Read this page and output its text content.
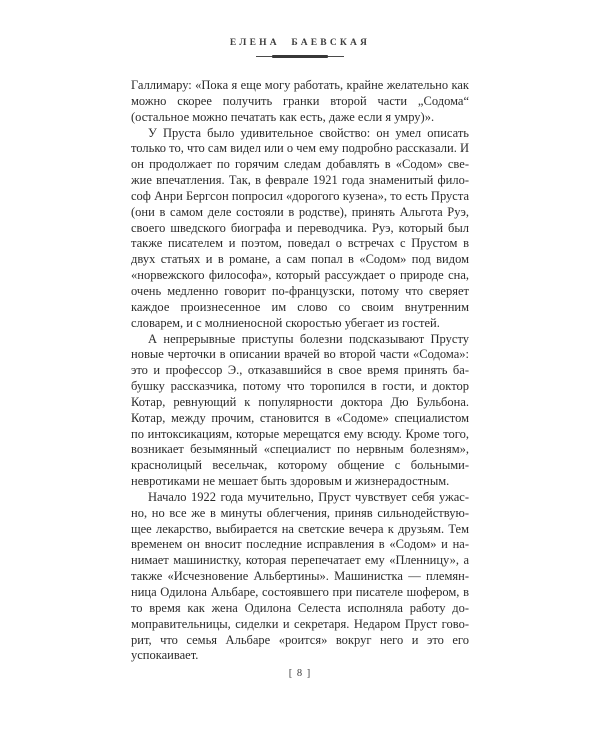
ЕЛЕНА БАЕВСКАЯ

Галлимару: «Пока я еще могу работать, крайне желательно как можно скорее получить гранки второй части „Содома“ (остальное можно печатать как есть, даже если я умру)».

У Пруста было удивительное свойство: он умел описать только то, что сам видел или о чем ему подробно рассказали. И он продолжает по горячим следам добавлять в «Содом» свежие впечатления. Так, в феврале 1921 года знаменитый философ Анри Бергсон попросил «дорогого кузена», то есть Пруста (они в самом деле состояли в родстве), принять Альгота Руэ, своего шведского биографа и переводчика. Руэ, который был также писателем и поэтом, поведал о встречах с Прустом в двух статьях и в романе, а сам попал в «Содом» под видом «норвежского философа», который рассуждает о природе сна, очень медленно говорит по-французски, потому что сверяет каждое произнесенное им слово со своим внутренним словарем, и с молниеносной скоростью убегает из гостей.

А непрерывные приступы болезни подсказывают Прусту новые черточки в описании врачей во второй части «Содома»: это и профессор Э., отказавшийся в свое время принять бабушку рассказчика, потому что торопился в гости, и доктор Котар, ревнующий к популярности доктора Дю Бульбона. Котар, между прочим, становится в «Содоме» специалистом по интоксикациям, которые мерещатся ему всюду. Кроме того, возникает безымянный «специалист по нервным болезням», краснолицый весельчак, которому общение с больными-невротиками не мешает быть здоровым и жизнерадостным.

Начало 1922 года мучительно, Пруст чувствует себя ужасно, но все же в минуты облегчения, приняв сильнодействующее лекарство, выбирается на светские вечера к друзьям. Тем временем он вносит последние исправления в «Содом» и нанимает машинистку, которая перепечатает ему «Пленницу», а также «Исчезновение Альбертины». Машинистка — племянница Одилона Альбаре, состоявшего при писателе шофером, в то время как жена Одилона Селеста исполняла работу домоправительницы, сиделки и секретаря. Недаром Пруст говорит, что семья Альбаре «роится» вокруг него и это его успокаивает.

[ 8 ]
